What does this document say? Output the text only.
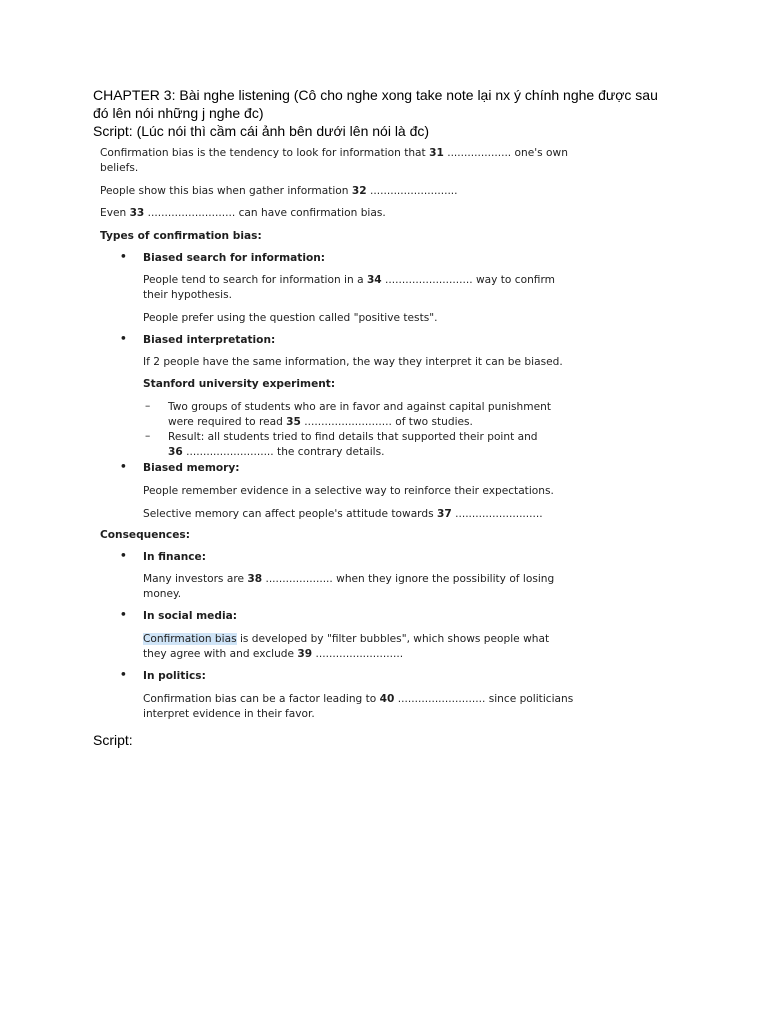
CHAPTER 3: Bài nghe listening (Cô cho nghe xong take note lại nx ý chính nghe được sau

đó lên nói những j nghe đc)

Script: (Lúc nói thì cầm cái ảnh bên dưới lên nói là đc)

Confirmation bias is the tendency to look for information that 31 ................... one's own

beliefs.

People show this bias when gather information 32 ..........................

Even 33 .......................... can have confirmation bias.

Types of confirmation bias:

• Biased search for information:

People tend to search for information in a 34 .......................... way to confirm

their hypothesis.

People prefer using the question called "positive tests".

• Biased interpretation:

If 2 people have the same information, the way they interpret it can be biased.

Stanford university experiment:

– Two groups of students who are in favor and against capital punishment

were required to read 35 .......................... of two studies.

– Result: all students tried to find details that supported their point and

36 .......................... the contrary details.

• Biased memory:

People remember evidence in a selective way to reinforce their expectations.

Selective memory can affect people's attitude towards 37 ..........................

Consequences:

• In finance:

Many investors are 38 .................... when they ignore the possibility of losing

money.

• In social media:

Confirmation bias is developed by "filter bubbles", which shows people what

they agree with and exclude 39 ..........................

• In politics:

Confirmation bias can be a factor leading to 40 .......................... since politicians

interpret evidence in their favor.

Script:
